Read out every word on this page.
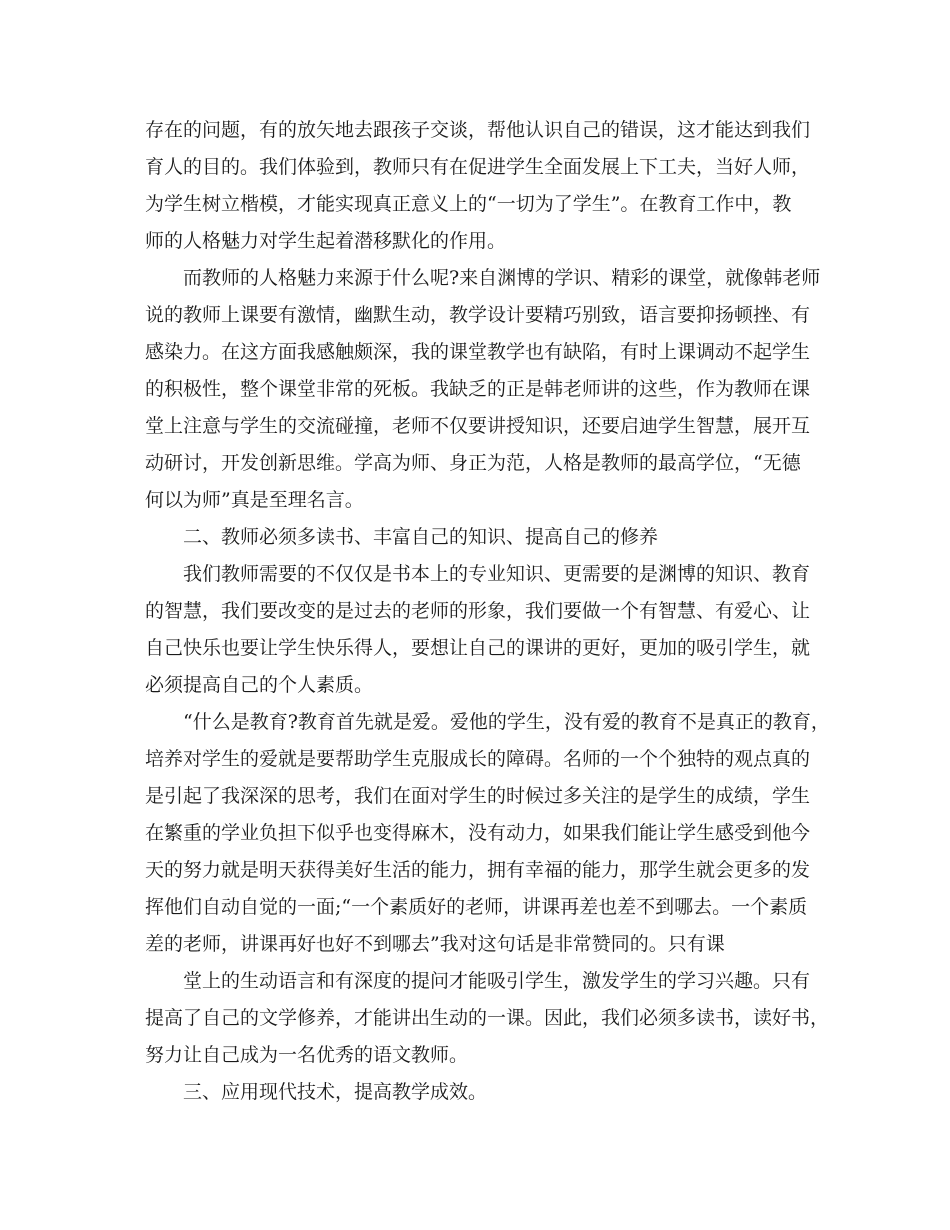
存在的问题，有的放矢地去跟孩子交谈，帮他认识自己的错误，这才能达到我们
育人的目的。我们体验到，教师只有在促进学生全面发展上下工夫，当好人师，
为学生树立楷模，才能实现真正意义上的“一切为了学生”。在教育工作中，教
师的人格魅力对学生起着潜移默化的作用。
而教师的人格魅力来源于什么呢?来自渊博的学识、精彩的课堂，就像韩老师
说的教师上课要有激情，幽默生动，教学设计要精巧别致，语言要抑扬顿挫、有
感染力。在这方面我感触颇深，我的课堂教学也有缺陷，有时上课调动不起学生
的积极性，整个课堂非常的死板。我缺乏的正是韩老师讲的这些，作为教师在课
堂上注意与学生的交流碰撞，老师不仅要讲授知识，还要启迪学生智慧，展开互
动研讨，开发创新思维。学高为师、身正为范，人格是教师的最高学位，“无德
何以为师”真是至理名言。
二、教师必须多读书、丰富自己的知识、提高自己的修养
我们教师需要的不仅仅是书本上的专业知识、更需要的是渊博的知识、教育
的智慧，我们要改变的是过去的老师的形象，我们要做一个有智慧、有爱心、让
自己快乐也要让学生快乐得人，要想让自己的课讲的更好，更加的吸引学生，就
必须提高自己的个人素质。
“什么是教育?教育首先就是爱。爱他的学生，没有爱的教育不是真正的教育，
培养对学生的爱就是要帮助学生克服成长的障碍。名师的一个个独特的观点真的
是引起了我深深的思考，我们在面对学生的时候过多关注的是学生的成绩，学生
在繁重的学业负担下似乎也变得麻木，没有动力，如果我们能让学生感受到他今
天的努力就是明天获得美好生活的能力，拥有幸福的能力，那学生就会更多的发
挥他们自动自觉的一面;“一个素质好的老师，讲课再差也差不到哪去。一个素质
差的老师，讲课再好也好不到哪去”我对这句话是非常赞同的。只有课
堂上的生动语言和有深度的提问才能吸引学生，激发学生的学习兴趣。只有
提高了自己的文学修养，才能讲出生动的一课。因此，我们必须多读书，读好书，
努力让自己成为一名优秀的语文教师。
三、应用现代技术，提高教学成效。
